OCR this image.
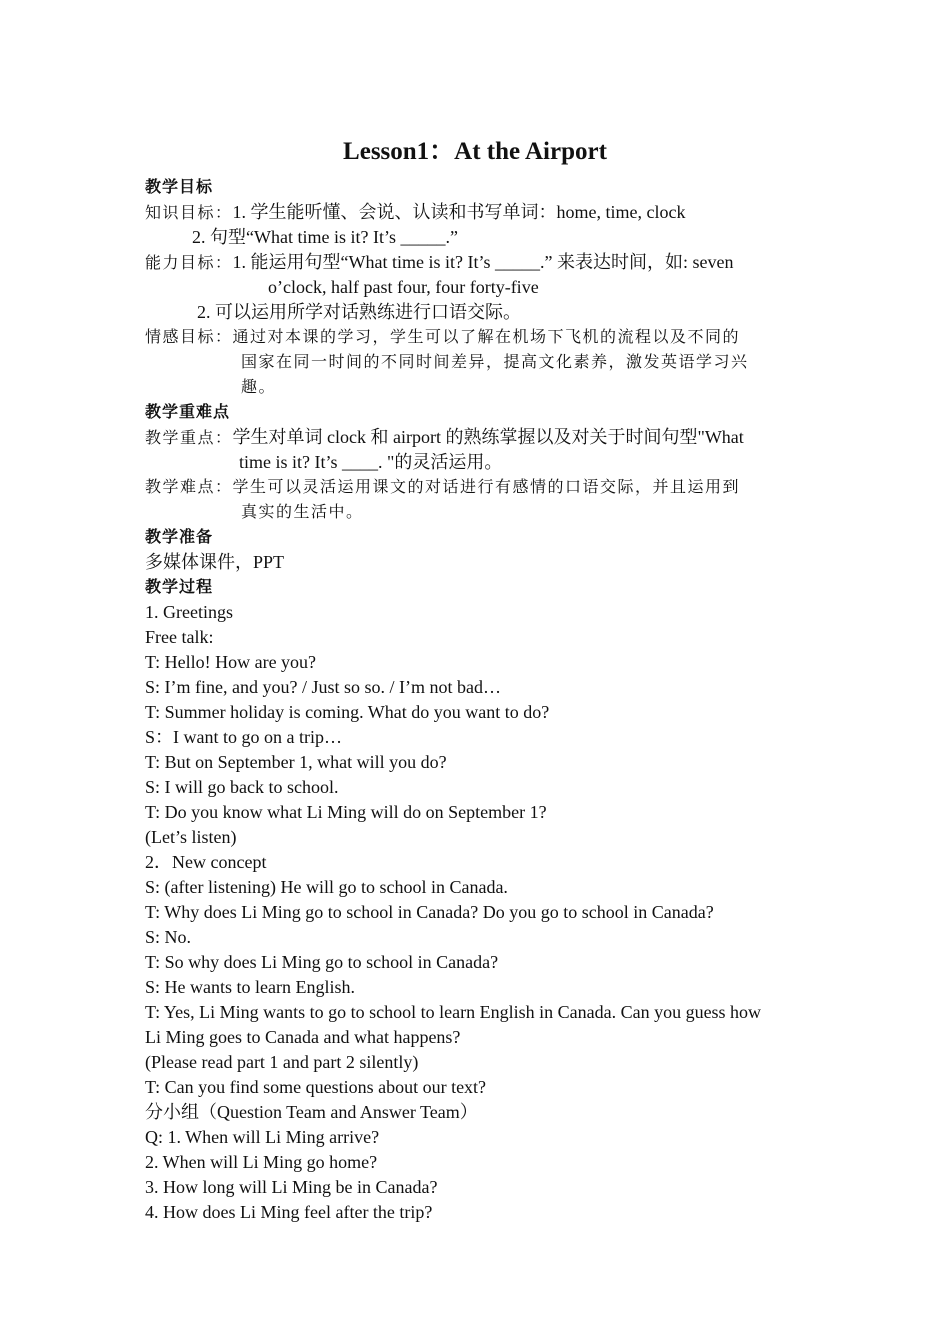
Lesson1：At the Airport
教学目标
知识目标：1. 学生能听懂、会说、认读和书写单词：home, time, clock
2. 句型“What time is it? It’s _____.”
能力目标：1. 能运用句型“What time is it? It’s _____.” 来表达时间，如: seven
o’clock, half past four, four forty-five
2. 可以运用所学对话熟练进行口语交际。
情感目标：通过对本课的学习，学生可以了解在机场下飞机的流程以及不同的
国家在同一时间的不同时间差异，提高文化素养，激发英语学习兴
趣。
教学重难点
教学重点：学生对单词 clock 和 airport 的熟练掌握以及对关于时间句型"What
time is it? It’s ____. "的灵活运用。
教学难点：学生可以灵活运用课文的对话进行有感情的口语交际，并且运用到
真实的生活中。
教学准备
多媒体课件，PPT
教学过程
1. Greetings
Free talk:
T: Hello! How are you?
S: I’m fine, and you? / Just so so. / I’m not bad…
T: Summer holiday is coming. What do you want to do?
S：I want to go on a trip…
T: But on September 1, what will you do?
S: I will go back to school.
T: Do you know what Li Ming will do on September 1?
(Let’s listen)
2．New concept
S: (after listening) He will go to school in Canada.
T: Why does Li Ming go to school in Canada? Do you go to school in Canada?
S: No.
T: So why does Li Ming go to school in Canada?
S: He wants to learn English.
T: Yes, Li Ming wants to go to school to learn English in Canada. Can you guess how
Li Ming goes to Canada and what happens?
(Please read part 1 and part 2 silently)
T: Can you find some questions about our text?
分小组（Question Team and Answer Team）
Q: 1. When will Li Ming arrive?
2. When will Li Ming go home?
3. How long will Li Ming be in Canada?
4. How does Li Ming feel after the trip?
